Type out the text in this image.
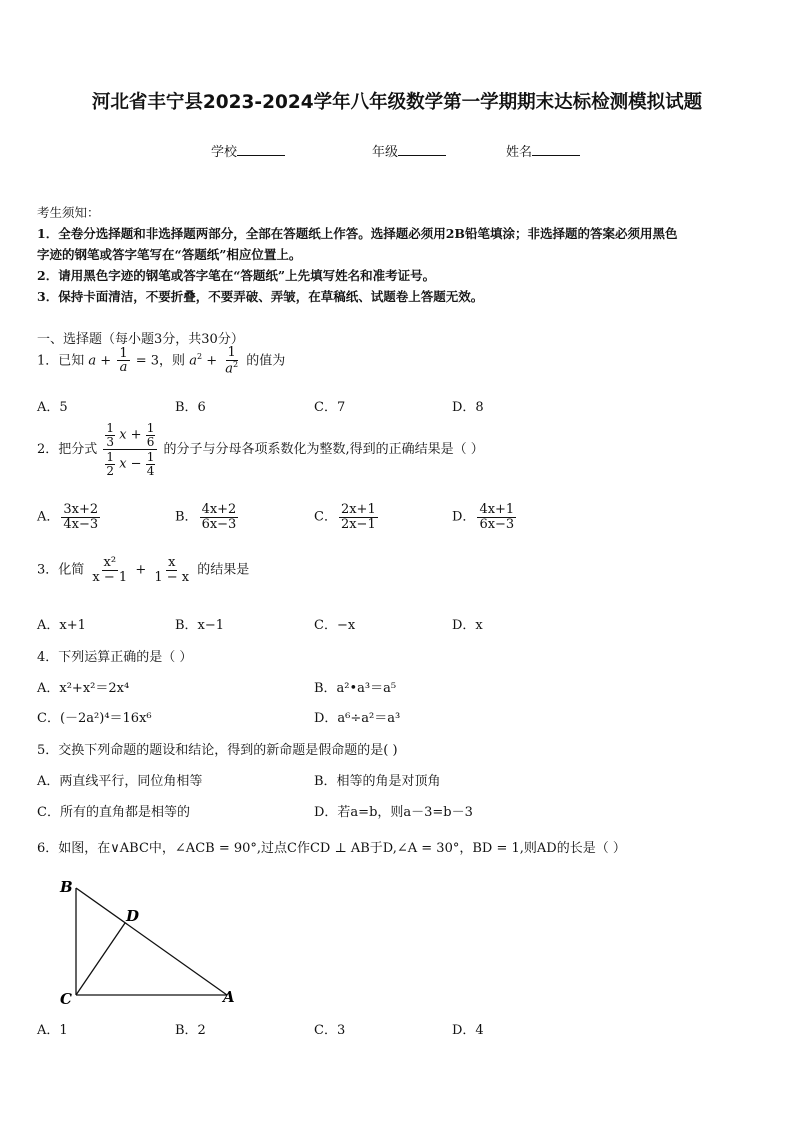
河北省丰宁县2023-2024学年八年级数学第一学期期末达标检测模拟试题
学校	年级	姓名
考生须知：
1．全卷分选择题和非选择题两部分，全部在答题纸上作答。选择题必须用2B铅笔填涂；非选择题的答案必须用黑色
字迹的钢笔或答字笔写在“答题纸”相应位置上。
2．请用黑色字迹的钢笔或答字笔在“答题纸”上先填写姓名和准考证号。
3．保持卡面清洁，不要折叠，不要弄破、弄皱，在草稿纸、试题卷上答题无效。
一、选择题（每小题3分，共30分）
1．已知 $a + \frac{1}{a} = 3$，则 $a^2 + \frac{1}{a^2}$ 的值为
A．5	B．6	C．7	D．8
2．把分式 $\frac{\frac{1}{3} x + \frac{1}{6}}{\frac{1}{2} x - \frac{1}{4}}$ 的分子与分母各项系数化为整数,得到的正确结果是（ ）
A． $\frac{3x+2}{4x-3}$	B． $\frac{4x+2}{6x-3}$	C． $\frac{2x+1}{2x-1}$	D． $\frac{4x+1}{6x-3}$
3．化简 $\frac{\text{x²}}{x - 1} + \frac{x}{1 - x}$ 的结果是
A．x+1	B．x−1	C．−x	D．x
4．下列运算正确的是（ ）
A．x²+x²＝2x⁴	B．a²•a³＝a⁵
C．(－2a²)⁴＝16x⁶	D．a⁶÷a²＝a³
5．交换下列命题的题设和结论，得到的新命题是假命题的是( )
A．两直线平行，同位角相等	B．相等的角是对顶角
C．所有的直角都是相等的	D．若a=b，则a－3=b－3
6．如图，在∨ABC中，∠ACB = 90°,过点C作CD ⊥ AB于D,∠A = 30°，BD = 1,则AD的长是（ ）
B
D
C	A
A．1	B．2	C．3	D．4
